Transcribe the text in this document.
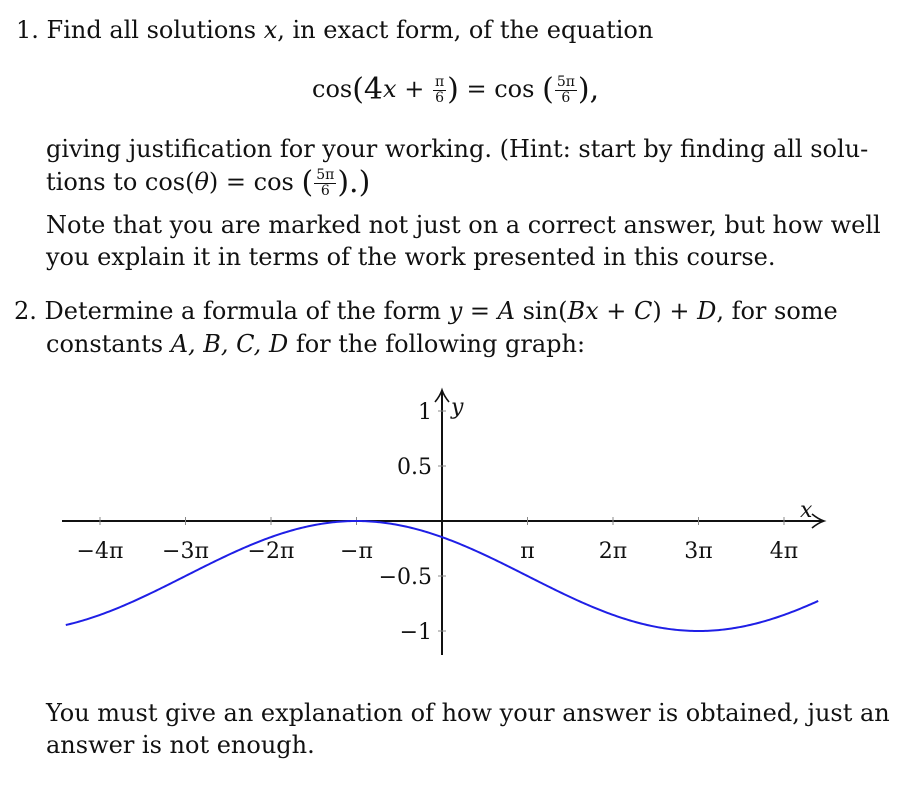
1. Find all solutions x, in exact form, of the equation

$\cos(4x + \frac{\pi}{6}$ ) = cos ( $\frac{5\pi}{6}$ ),

giving justification for your working. (Hint: start by finding all solu-

tions to cos(θ) = cos ( $\frac{5\pi}{6}$ ).)

Note that you are marked not just on a correct answer, but how well

you explain it in terms of the work presented in this course.

2. Determine a formula of the form y = A sin(Bx + C) + D, for some

constants A, B, C, D for the following graph:

x
y
−4π −3π −2π −π	π	2π	3π	4π
1
0.5
−0.5
−1

You must give an explanation of how your answer is obtained, just an

answer is not enough.
